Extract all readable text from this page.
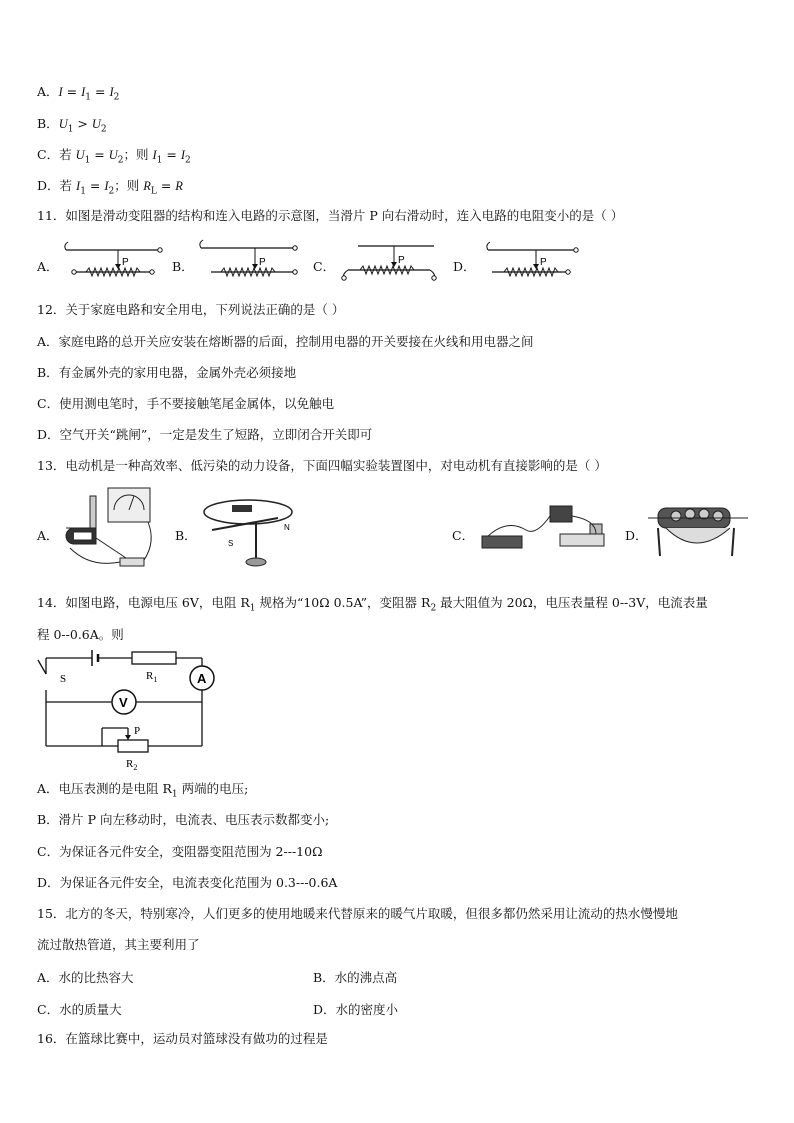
A．$I = I_1 = I_2$
B．$U_1 > U_2$
C．若 $U_1 = U_2$；则 $I_1 = I_2$
D．若 $I_1 = I_2$；则 $R_L = R$
11．如图是滑动变阻器的结构和连入电路的示意图，当滑片 P 向右滑动时，连入电路的电阻变小的是（ ）
A．	P	B．	P	C．	P	D．	P
12．关于家庭电路和安全用电，下列说法正确的是（ ）
A．家庭电路的总开关应安装在熔断器的后面，控制用电器的开关要接在火线和用电器之间
B．有金属外壳的家用电器，金属外壳必须接地
C．使用测电笔时，手不要接触笔尾金属体，以免触电
D．空气开关“跳闸”，一定是发生了短路，立即闭合开关即可
13．电动机是一种高效率、低污染的动力设备，下面四幅实验装置图中，对电动机有直接影响的是（ ）
A．	B．
S
N
C．	D．
14．如图电路，电源电压 6V，电阻 $R_1$ 规格为“10Ω 0.5A”，变阻器 $R_2$ 最大阻值为 20Ω，电压表量程 0--3V，电流表量
程 0--0.6A。则
A
S	$R_1$
V
P
$R_2$
A．电压表测的是电阻 $R_1$ 两端的电压;
B．滑片 P 向左移动时，电流表、电压表示数都变小;
C．为保证各元件安全，变阻器变阻范围为 2---10Ω
D．为保证各元件安全，电流表变化范围为 0.3---0.6A
15．北方的冬天，特别寒冷，人们更多的使用地暖来代替原来的暖气片取暖，但很多都仍然采用让流动的热水慢慢地
流过散热管道，其主要利用了
A．水的比热容大	B．水的沸点高
C．水的质量大	D．水的密度小
16．在篮球比赛中，运动员对篮球没有做功的过程是
